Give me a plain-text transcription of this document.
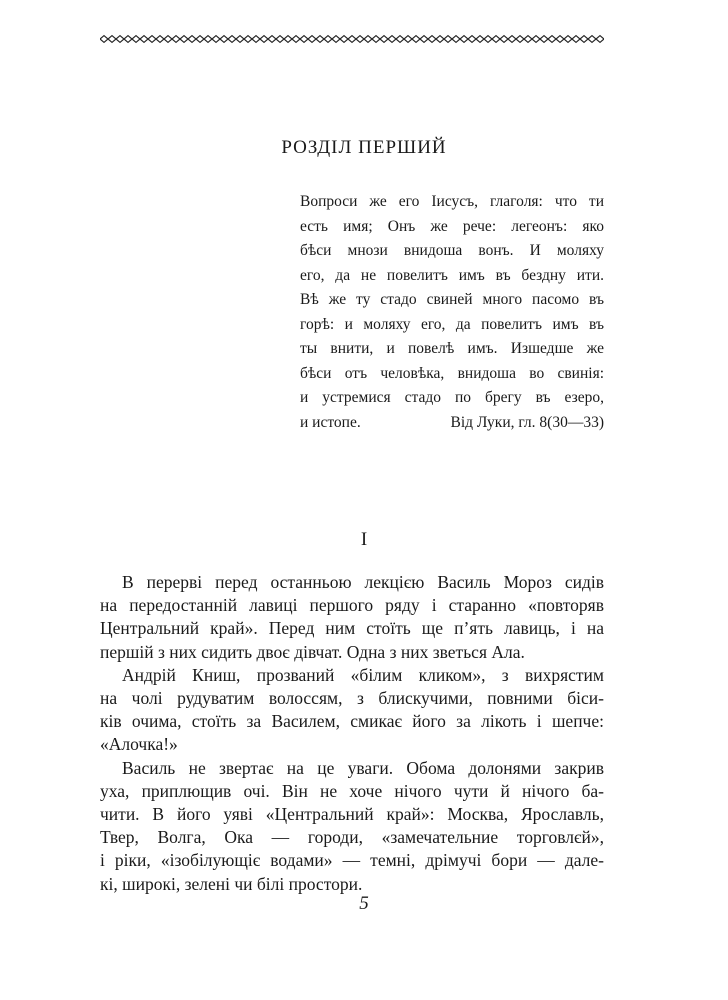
РОЗДІЛ ПЕРШИЙ
Вопроси же его Іисусъ, глаголя: что ти
есть имя; Онъ же рече: легеонъ: яко
бѣси мнози внидоша вонъ. И моляху
его, да не повелитъ имъ въ бездну ити.
Вѣ же ту стадо свиней много пасомо въ
горѣ: и моляху его, да повелитъ имъ въ
ты внити, и повелѣ имъ. Изшедше же
бѣси отъ человѣка, внидоша во свинія:
и устремися стадо по брегу въ езеро,
и истопе.	Від Луки, гл. 8(30—33)
I
В перерві перед останньою лекцією Василь Мороз сидів
на передостанній лавиці першого ряду і старанно «повторяв
Центральний край». Перед ним стоїть ще п’ять лавиць, і на
першій з них сидить двоє дівчат. Одна з них зветься Ала.
Андрій Книш, прозваний «білим кликом», з вихрястим
на чолі рудуватим волоссям, з блискучими, повними біси-
ків очима, стоїть за Василем, смикає його за лікоть і шепче:
«Алочка!»
Василь не звертає на це уваги. Обома долонями закрив
уха, приплющив очі. Він не хоче нічого чути й нічого ба-
чити. В його уяві «Центральний край»: Москва, Ярославль,
Твер, Волга, Ока — городи, «замечательние торговлєй»,
і ріки, «ізобілующіє водами» — темні, дрімучі бори — дале-
кі, широкі, зелені чи білі простори.
5
